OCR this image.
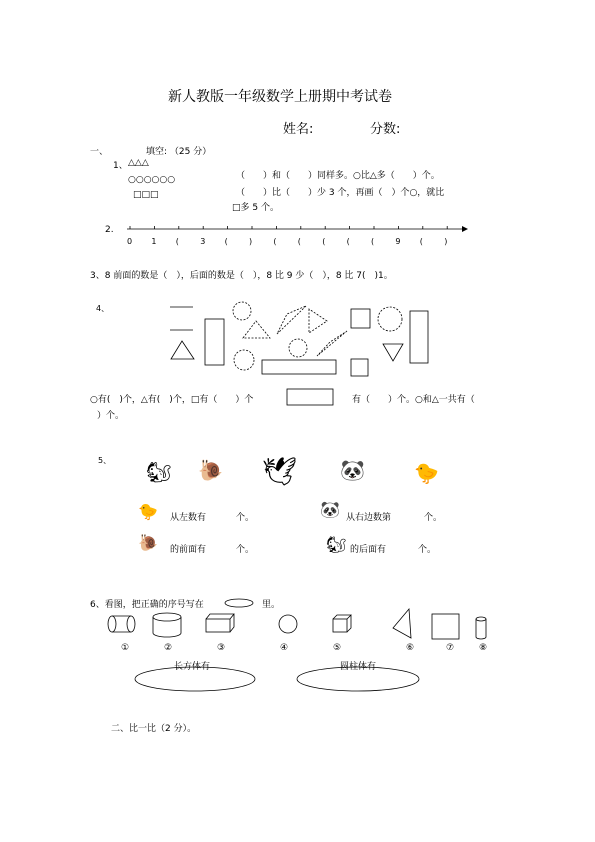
新人教版一年级数学上册期中考试卷
姓名:	分数:
一、	填空: （25 分）
1、 △△△
○○○○○○
□□□
（　　）和（　　）同样多。○比△多（　　）个。
（　　）比（　　）少 3 个，再画（　）个○，就比
□多 5 个。
2.
0 1 (	3 (	)	(	(	(	(	(	9 (	)
3、8 前面的数是（　），后面的数是（　），8 比 9 少（　），8 比 7(　)1。
4、
○有(　)个，△有(　)个，□有（　　）个	有（　　）个。○和△一共有（
）个。
5、 🐿 🐌 🕊 🐼 🐤
🐤 从左数有	个。	🐼 从右边数第	个。
🐌 的前面有	个。	🐿 的后面有	个。
6、看图，把正确的序号写在	里。
①	②	③	④	⑤	⑥	⑦	⑧
长方体有	圆柱体有
二、比一比（2 分）。
